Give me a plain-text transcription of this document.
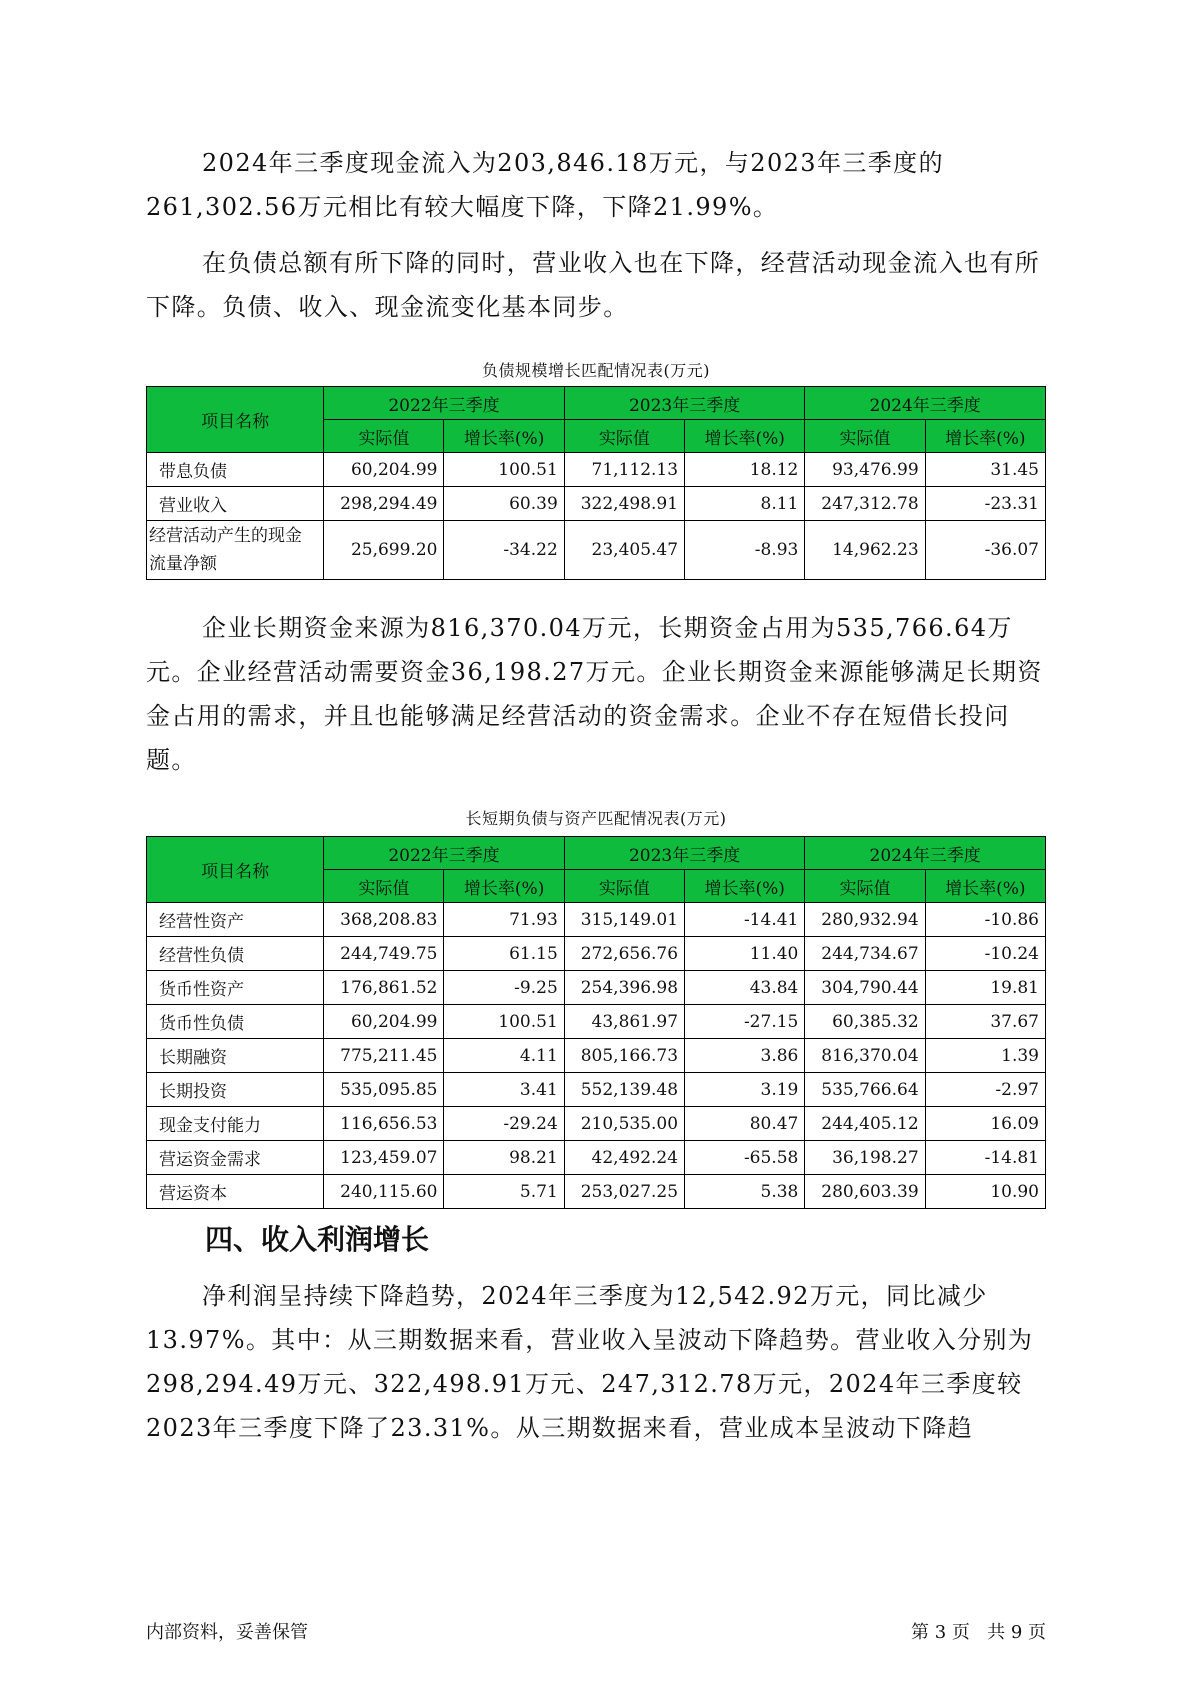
2024年三季度现金流入为203,846.18万元，与2023年三季度的261,302.56万元相比有较大幅度下降，下降21.99%。

在负债总额有所下降的同时，营业收入也在下降，经营活动现金流入也有所下降。负债、收入、现金流变化基本同步。

负债规模增长匹配情况表(万元)
项目名称	2022年三季度		2023年三季度		2024年三季度	
	实际值	增长率(%)	实际值	增长率(%)	实际值	增长率(%)
带息负债	60,204.99	100.51	71,112.13	18.12	93,476.99	31.45
营业收入	298,294.49	60.39	322,498.91	8.11	247,312.78	-23.31
经营活动产生的现金流量净额	25,699.20	-34.22	23,405.47	-8.93	14,962.23	-36.07

企业长期资金来源为816,370.04万元，长期资金占用为535,766.64万元。企业经营活动需要资金36,198.27万元。企业长期资金来源能够满足长期资金占用的需求，并且也能够满足经营活动的资金需求。企业不存在短借长投问题。

长短期负债与资产匹配情况表(万元)
项目名称	2022年三季度		2023年三季度		2024年三季度	
	实际值	增长率(%)	实际值	增长率(%)	实际值	增长率(%)
经营性资产	368,208.83	71.93	315,149.01	-14.41	280,932.94	-10.86
经营性负债	244,749.75	61.15	272,656.76	11.40	244,734.67	-10.24
货币性资产	176,861.52	-9.25	254,396.98	43.84	304,790.44	19.81
货币性负债	60,204.99	100.51	43,861.97	-27.15	60,385.32	37.67
长期融资	775,211.45	4.11	805,166.73	3.86	816,370.04	1.39
长期投资	535,095.85	3.41	552,139.48	3.19	535,766.64	-2.97
现金支付能力	116,656.53	-29.24	210,535.00	80.47	244,405.12	16.09
营运资金需求	123,459.07	98.21	42,492.24	-65.58	36,198.27	-14.81
营运资本	240,115.60	5.71	253,027.25	5.38	280,603.39	10.90
四、收入利润增长

净利润呈持续下降趋势，2024年三季度为12,542.92万元，同比减少13.97%。其中：从三期数据来看，营业收入呈波动下降趋势。营业收入分别为298,294.49万元、322,498.91万元、247,312.78万元，2024年三季度较2023年三季度下降了23.31%。从三期数据来看，营业成本呈波动下降趋

内部资料，妥善保管	第 3 页   共 9 页
